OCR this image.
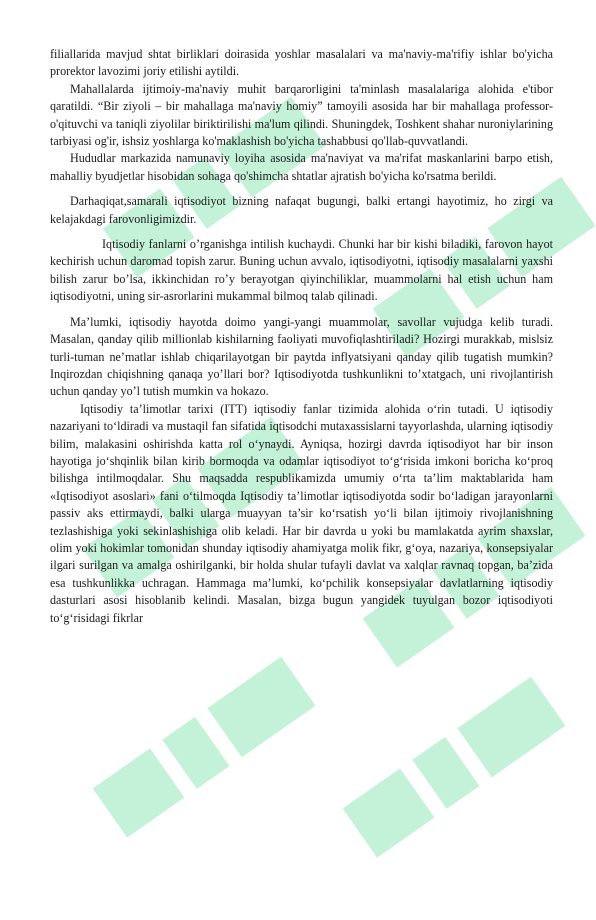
filiallarida mavjud shtat birliklari doirasida yoshlar masalalari va ma'naviy-ma'rifiy ishlar bo'yicha prorektor lavozimi joriy etilishi aytildi.

Mahallalarda ijtimoiy-ma'naviy muhit barqarorligini ta'minlash masalalariga alohida e'tibor qaratildi. “Bir ziyoli – bir mahallaga ma'naviy homiy” tamoyili asosida har bir mahallaga professor-o'qituvchi va taniqli ziyolilar biriktirilishi ma'lum qilindi. Shuningdek, Toshkent shahar nuroniylarining tarbiyasi og'ir, ishsiz yoshlarga ko'maklashish bo'yicha tashabbusi qo'llab-quvvatlandi.

Hududlar markazida namunaviy loyiha asosida ma'naviyat va ma'rifat maskanlarini barpo etish, mahalliy byudjetlar hisobidan sohaga qo'shimcha shtatlar ajratish bo'yicha ko'rsatma berildi.

Darhaqiqat,samarali iqtisodiyot bizning nafaqat bugungi, balki ertangi hayotimiz, ho zirgi va kelajakdagi farovonligimizdir.

Iqtisodiy fanlarni o’rganishga intilish kuchaydi. Chunki har bir kishi biladiki, farovon hayot kechirish uchun daromad topish zarur. Buning uchun avvalo, iqtisodiyotni, iqtisodiy masalalarni yaxshi bilish zarur bo’lsa, ikkinchidan ro’y berayotgan qiyinchiliklar, muammolarni hal etish uchun ham iqtisodiyotni, uning sir-asrorlarini mukammal bilmoq talab qilinadi.

Ma’lumki, iqtisodiy hayotda doimo yangi-yangi muammolar, savollar vujudga kelib turadi. Masalan, qanday qilib millionlab kishilarning faoliyati muvofiqlashtiriladi? Hozirgi murakkab, mislsiz turli-tuman ne’matlar ishlab chiqarilayotgan bir paytda inflyatsiyani qanday qilib tugatish mumkin? Inqirozdan chiqishning qanaqa yo’llari bor? Iqtisodiyotda tushkunlikni to’xtatgach, uni rivojlantirish uchun qanday yo’l tutish mumkin va hokazo.

Iqtisodiy ta’limotlar tarixi (ITT) iqtisodiy fanlar tizimida alohida o‘rin tutadi. U iqtisodiy nazariyani to‘ldiradi va mustaqil fan sifatida iqtisodchi mutaxassislarni tayyorlashda, ularning iqtisodiy bilim, malakasini oshirishda katta rol o‘ynaydi. Ayniqsa, hozirgi davrda iqtisodiyot har bir inson hayotiga jo‘shqinlik bilan kirib bormoqda va odamlar iqtisodiyot to‘g‘risida imkoni boricha ko‘proq bilishga intilmoqdalar. Shu maqsadda respublikamizda umumiy o‘rta ta’lim maktablarida ham «Iqtisodiyot asoslari» fani o‘tilmoqda Iqtisodiy ta’limotlar iqtisodiyotda sodir bo‘ladigan jarayonlarni passiv aks ettirmaydi, balki ularga muayyan ta’sir ko‘rsatish yo‘li bilan ijtimoiy rivojlanishning tezlashishiga yoki sekinlashishiga olib keladi. Har bir davrda u yoki bu mamlakatda ayrim shaxslar, olim yoki hokimlar tomonidan shunday iqtisodiy ahamiyatga molik fikr, g‘oya, nazariya, konsepsiyalar ilgari surilgan va amalga oshirilganki, bir holda shular tufayli davlat va xalqlar ravnaq topgan, ba’zida esa tushkunlikka uchragan. Hammaga ma’lumki, ko‘pchilik konsepsiyalar davlatlarning iqtisodiy dasturlari asosi hisoblanib kelindi. Masalan, bizga bugun yangidek tuyulgan bozor iqtisodiyoti to‘g‘risidagi fikrlar
